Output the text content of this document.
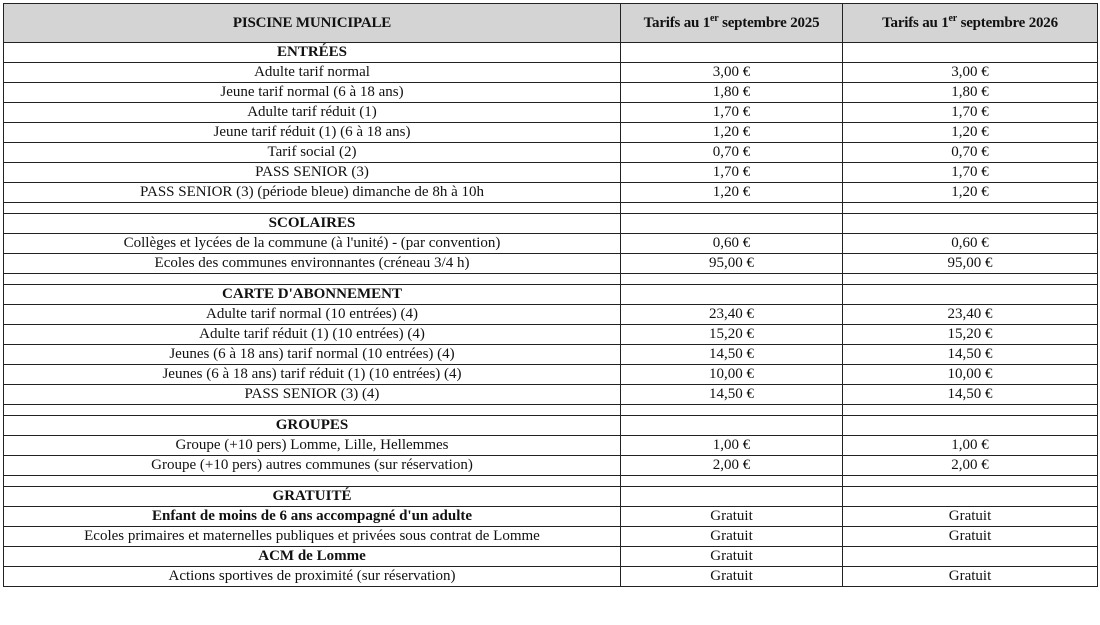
PISCINE MUNICIPALE	Tarifs au 1er septembre 2025	Tarifs au 1er septembre 2026
ENTRÉES		
Adulte tarif normal	3,00 €	3,00 €
Jeune tarif normal (6 à 18 ans)	1,80 €	1,80 €
Adulte tarif réduit (1)	1,70 €	1,70 €
Jeune tarif réduit (1) (6 à 18 ans)	1,20 €	1,20 €
Tarif social (2)	0,70 €	0,70 €
PASS SENIOR (3)	1,70 €	1,70 €
PASS SENIOR (3) (période bleue) dimanche de 8h à 10h	1,20 €	1,20 €

SCOLAIRES		
Collèges et lycées de la commune (à l'unité) - (par convention)	0,60 €	0,60 €
Ecoles des communes environnantes (créneau 3/4 h)	95,00 €	95,00 €

CARTE D'ABONNEMENT		
Adulte tarif normal (10 entrées) (4)	23,40 €	23,40 €
Adulte tarif réduit (1) (10 entrées) (4)	15,20 €	15,20 €
Jeunes (6 à 18 ans) tarif normal (10 entrées) (4)	14,50 €	14,50 €
Jeunes (6 à 18 ans) tarif réduit (1) (10 entrées) (4)	10,00 €	10,00 €
PASS SENIOR (3) (4)	14,50 €	14,50 €

GROUPES		
Groupe (+10 pers) Lomme, Lille, Hellemmes	1,00 €	1,00 €
Groupe (+10 pers) autres communes (sur réservation)	2,00 €	2,00 €

GRATUITÉ		
Enfant de moins de 6 ans accompagné d'un adulte	Gratuit	Gratuit
Ecoles primaires et maternelles publiques et privées sous contrat de Lomme	Gratuit	Gratuit
ACM de Lomme	Gratuit	
Actions sportives de proximité (sur réservation)	Gratuit	Gratuit
